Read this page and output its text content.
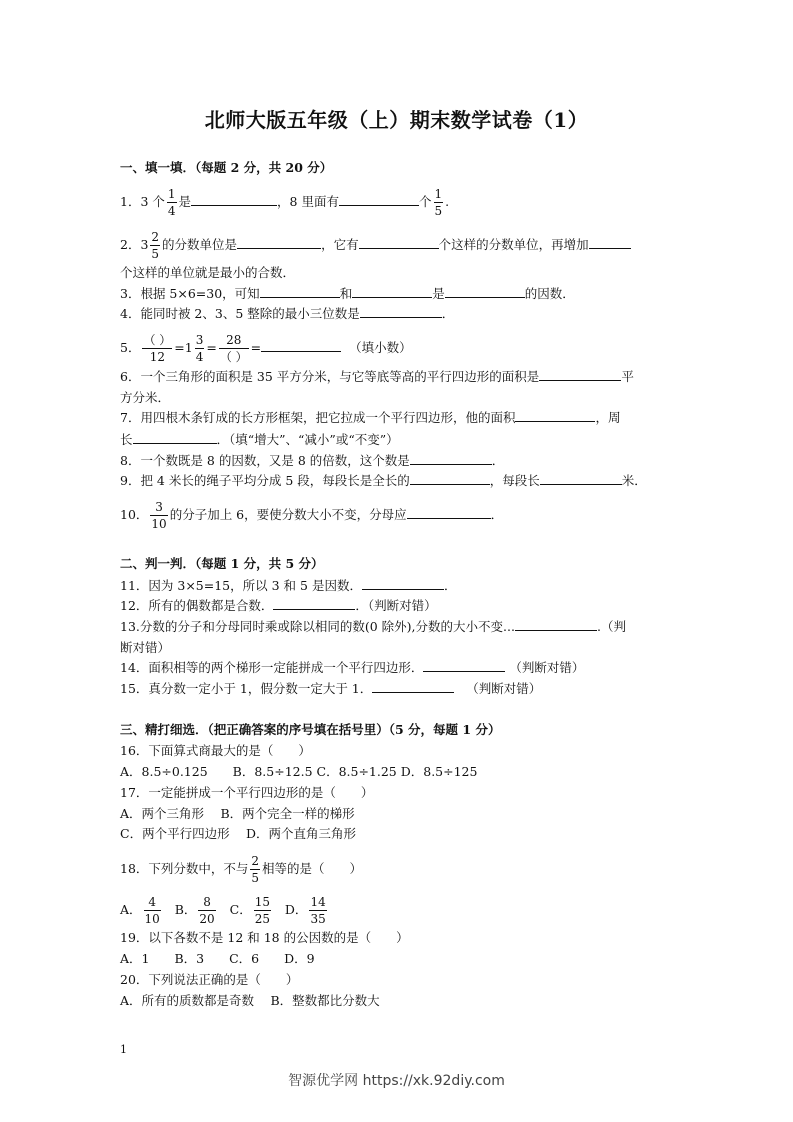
北师大版五年级（上）期末数学试卷（1）
一、填一填．（每题 2 分，共 20 分）
1．3 个 $\frac{1}{4}$ 是	，8 里面有	个 $\frac{1}{5}$ .
2．$3 \frac{2}{5}$ 的分数单位是	，它有	个这样的分数单位，再增加
个这样的单位就是最小的合数．
3．根据 5×6=30，可知	和	是	的因数．
4．能同时被 2、3、5 整除的最小三位数是	．
5． $\frac{( )}{12} =1 \frac{3}{4} = \frac{28}{( )}$ =	（填小数）
6．一个三角形的面积是 35 平方分米，与它等底等高的平行四边形的面积是	平
方分米．
7．用四根木条钉成的长方形框架，把它拉成一个平行四边形，他的面积	，周
长	．（填“增大”、“减小”或“不变”）
8．一个数既是 8 的因数，又是 8 的倍数，这个数是	．
9．把 4 米长的绳子平均分成 5 段，每段长是全长的	，每段长	米．
10． $\frac{3}{10}$ 的分子加上 6，要使分数大小不变，分母应	．
二、判一判．（每题 1 分，共 5 分）
11．因为 3×5=15，所以 3 和 5 是因数．	．
12．所有的偶数都是合数．	．（判断对错）
13.分数的分子和分母同时乘或除以相同的数(0 除外),分数的大小不变...	.（判
断对错）
14．面积相等的两个梯形一定能拼成一个平行四边形．	（判断对错）
15．真分数一定小于 1，假分数一定大于 1．	（判断对错）
三、精打细选．（把正确答案的序号填在括号里）（5 分，每题 1 分）
16．下面算式商最大的是（　　）
A．8.5÷0.125　　B．8.5÷12.5 C．8.5÷1.25 D．8.5÷125
17．一定能拼成一个平行四边形的是（　　）
A．两个三角形　 B．两个完全一样的梯形
C．两个平行四边形　 D．两个直角三角形
18．下列分数中，不与 $\frac{2}{5}$ 相等的是（　　）
A． $\frac{4}{10}$ B． $\frac{8}{20}$ C． $\frac{15}{25}$ D． $\frac{14}{35}$
19．以下各数不是 12 和 18 的公因数的是（　　）
A．1　　B．3　　C．6　　D．9
20．下列说法正确的是（　　）
A．所有的质数都是奇数　 B．整数都比分数大
1
智源优学网 https://xk.92diy.com
